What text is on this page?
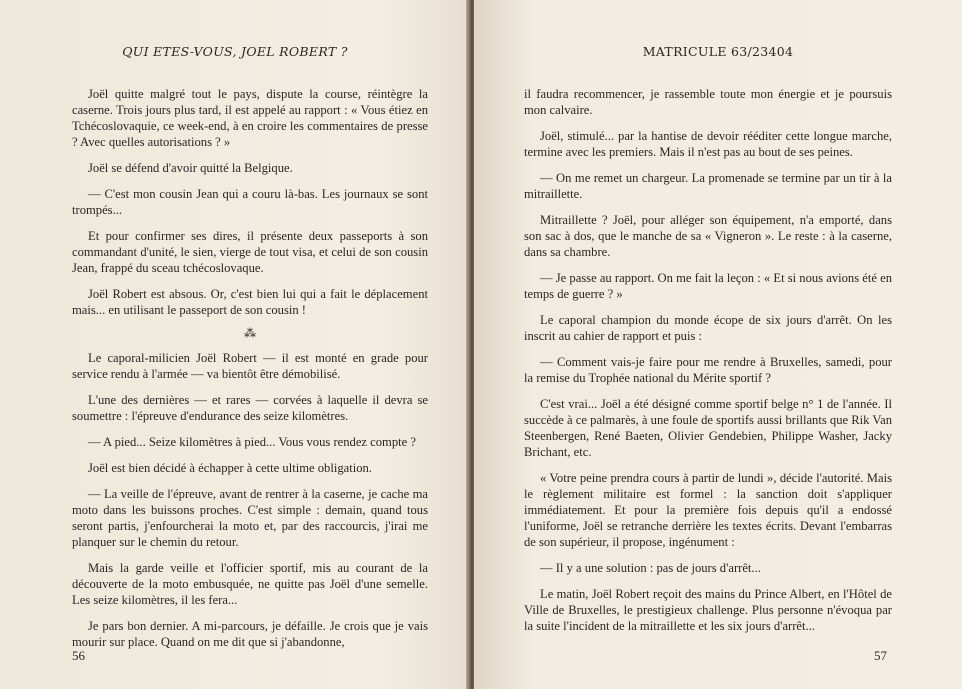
QUI ETES-VOUS, JOEL ROBERT ?

Joël quitte malgré tout le pays, dispute la course, réintègre la caserne. Trois jours plus tard, il est appelé au rapport : « Vous étiez en Tchécoslovaquie, ce week-end, à en croire les commentaires de presse ? Avec quelles autorisations ? »

Joël se défend d'avoir quitté la Belgique.

— C'est mon cousin Jean qui a couru là-bas. Les journaux se sont trompés...

Et pour confirmer ses dires, il présente deux passeports à son commandant d'unité, le sien, vierge de tout visa, et celui de son cousin Jean, frappé du sceau tchécoslovaque.

Joël Robert est absous. Or, c'est bien lui qui a fait le déplacement mais... en utilisant le passeport de son cousin !

⁂

Le caporal-milicien Joël Robert — il est monté en grade pour service rendu à l'armée — va bientôt être démobilisé.

L'une des dernières — et rares — corvées à laquelle il devra se soumettre : l'épreuve d'endurance des seize kilomètres.

— A pied... Seize kilomètres à pied... Vous vous rendez compte ?

Joël est bien décidé à échapper à cette ultime obligation.

— La veille de l'épreuve, avant de rentrer à la caserne, je cache ma moto dans les buissons proches. C'est simple : demain, quand tous seront partis, j'enfourcherai la moto et, par des raccourcis, j'irai me planquer sur le chemin du retour.

Mais la garde veille et l'officier sportif, mis au courant de la découverte de la moto embusquée, ne quitte pas Joël d'une semelle. Les seize kilomètres, il les fera...

Je pars bon dernier. A mi-parcours, je défaille. Je crois que je vais mourir sur place. Quand on me dit que si j'abandonne,

56
MATRICULE 63/23404

il faudra recommencer, je rassemble toute mon énergie et je poursuis mon calvaire.

Joël, stimulé... par la hantise de devoir rééditer cette longue marche, termine avec les premiers. Mais il n'est pas au bout de ses peines.

— On me remet un chargeur. La promenade se termine par un tir à la mitraillette.

Mitraillette ? Joël, pour alléger son équipement, n'a emporté, dans son sac à dos, que le manche de sa « Vigneron ». Le reste : à la caserne, dans sa chambre.

— Je passe au rapport. On me fait la leçon : « Et si nous avions été en temps de guerre ? »

Le caporal champion du monde écope de six jours d'arrêt. On les inscrit au cahier de rapport et puis :

— Comment vais-je faire pour me rendre à Bruxelles, samedi, pour la remise du Trophée national du Mérite sportif ?

C'est vrai... Joël a été désigné comme sportif belge n° 1 de l'année. Il succède à ce palmarès, à une foule de sportifs aussi brillants que Rik Van Steenbergen, René Baeten, Olivier Gendebien, Philippe Washer, Jacky Brichant, etc.

« Votre peine prendra cours à partir de lundi », décide l'autorité. Mais le règlement militaire est formel : la sanction doit s'appliquer immédiatement. Et pour la première fois depuis qu'il a endossé l'uniforme, Joël se retranche derrière les textes écrits. Devant l'embarras de son supérieur, il propose, ingénument :

— Il y a une solution : pas de jours d'arrêt...

Le matin, Joël Robert reçoit des mains du Prince Albert, en l'Hôtel de Ville de Bruxelles, le prestigieux challenge. Plus personne n'évoqua par la suite l'incident de la mitraillette et les six jours d'arrêt...

57
